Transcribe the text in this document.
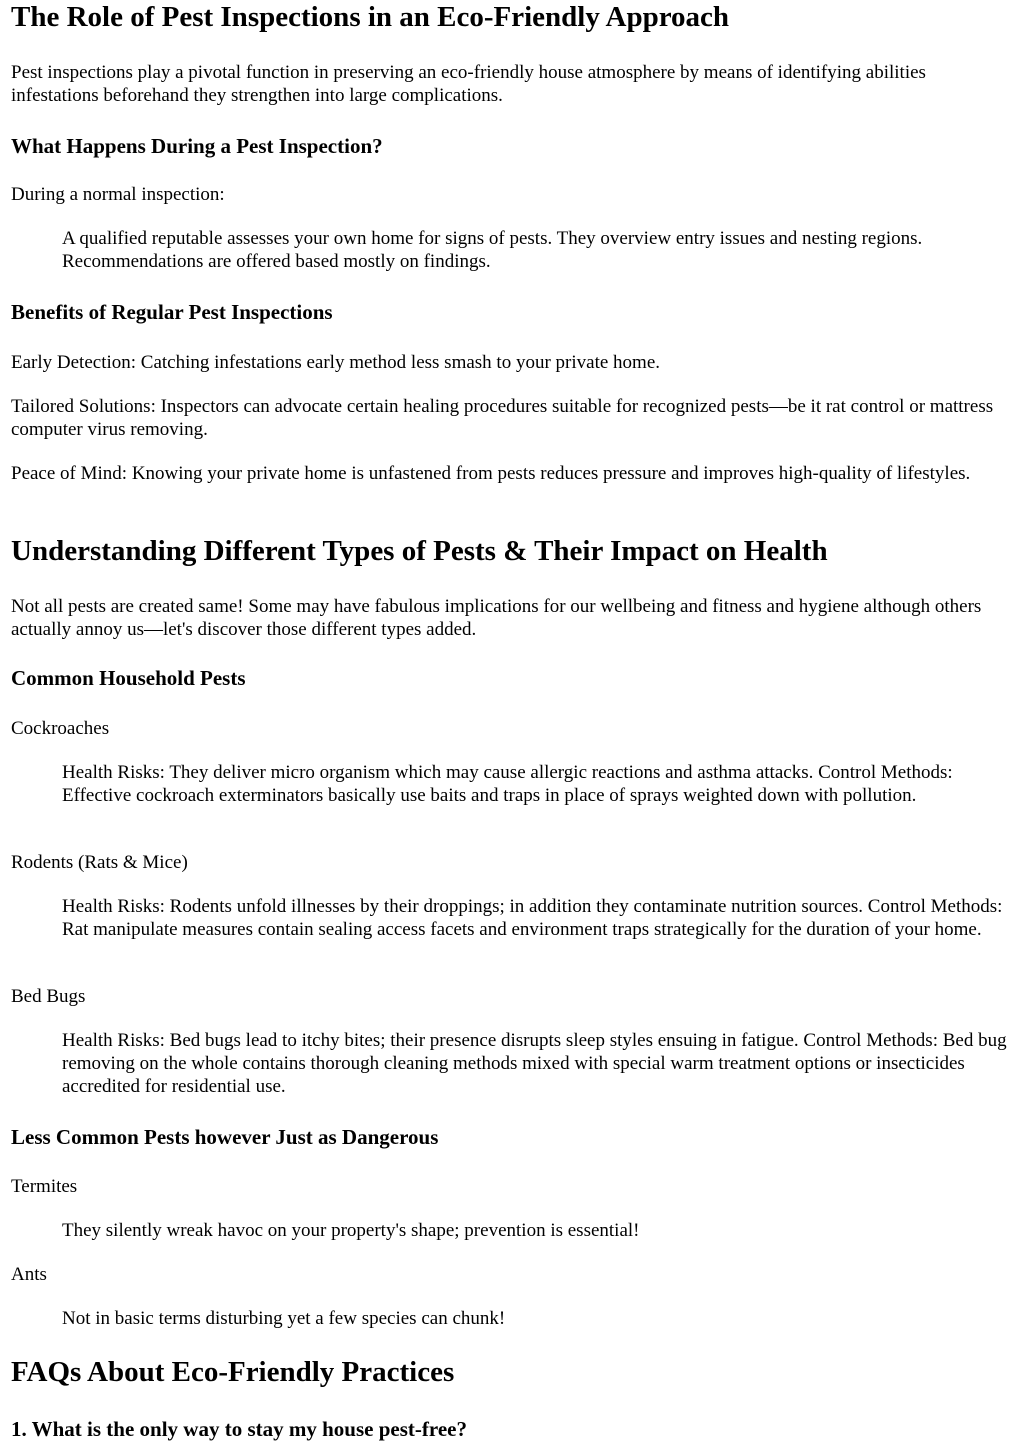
The Role of Pest Inspections in an Eco-Friendly Approach

Pest inspections play a pivotal function in preserving an eco-friendly house atmosphere by means of identifying abilities infestations beforehand they strengthen into large complications.

What Happens During a Pest Inspection?

During a normal inspection:

A qualified reputable assesses your own home for signs of pests. They overview entry issues and nesting regions. Recommendations are offered based mostly on findings.

Benefits of Regular Pest Inspections

Early Detection: Catching infestations early method less smash to your private home.

Tailored Solutions: Inspectors can advocate certain healing procedures suitable for recognized pests—be it rat control or mattress computer virus removing.

Peace of Mind: Knowing your private home is unfastened from pests reduces pressure and improves high-quality of lifestyles.

Understanding Different Types of Pests & Their Impact on Health

Not all pests are created same! Some may have fabulous implications for our wellbeing and fitness and hygiene although others actually annoy us—let's discover those different types added.

Common Household Pests

Cockroaches

Health Risks: They deliver micro organism which may cause allergic reactions and asthma attacks. Control Methods: Effective cockroach exterminators basically use baits and traps in place of sprays weighted down with pollution.

Rodents (Rats & Mice)

Health Risks: Rodents unfold illnesses by their droppings; in addition they contaminate nutrition sources. Control Methods: Rat manipulate measures contain sealing access facets and environment traps strategically for the duration of your home.

Bed Bugs

Health Risks: Bed bugs lead to itchy bites; their presence disrupts sleep styles ensuing in fatigue. Control Methods: Bed bug removing on the whole contains thorough cleaning methods mixed with special warm treatment options or insecticides accredited for residential use.

Less Common Pests however Just as Dangerous

Termites

They silently wreak havoc on your property's shape; prevention is essential!

Ants

Not in basic terms disturbing yet a few species can chunk!

FAQs About Eco-Friendly Practices
1. What is the only way to stay my house pest-free?
